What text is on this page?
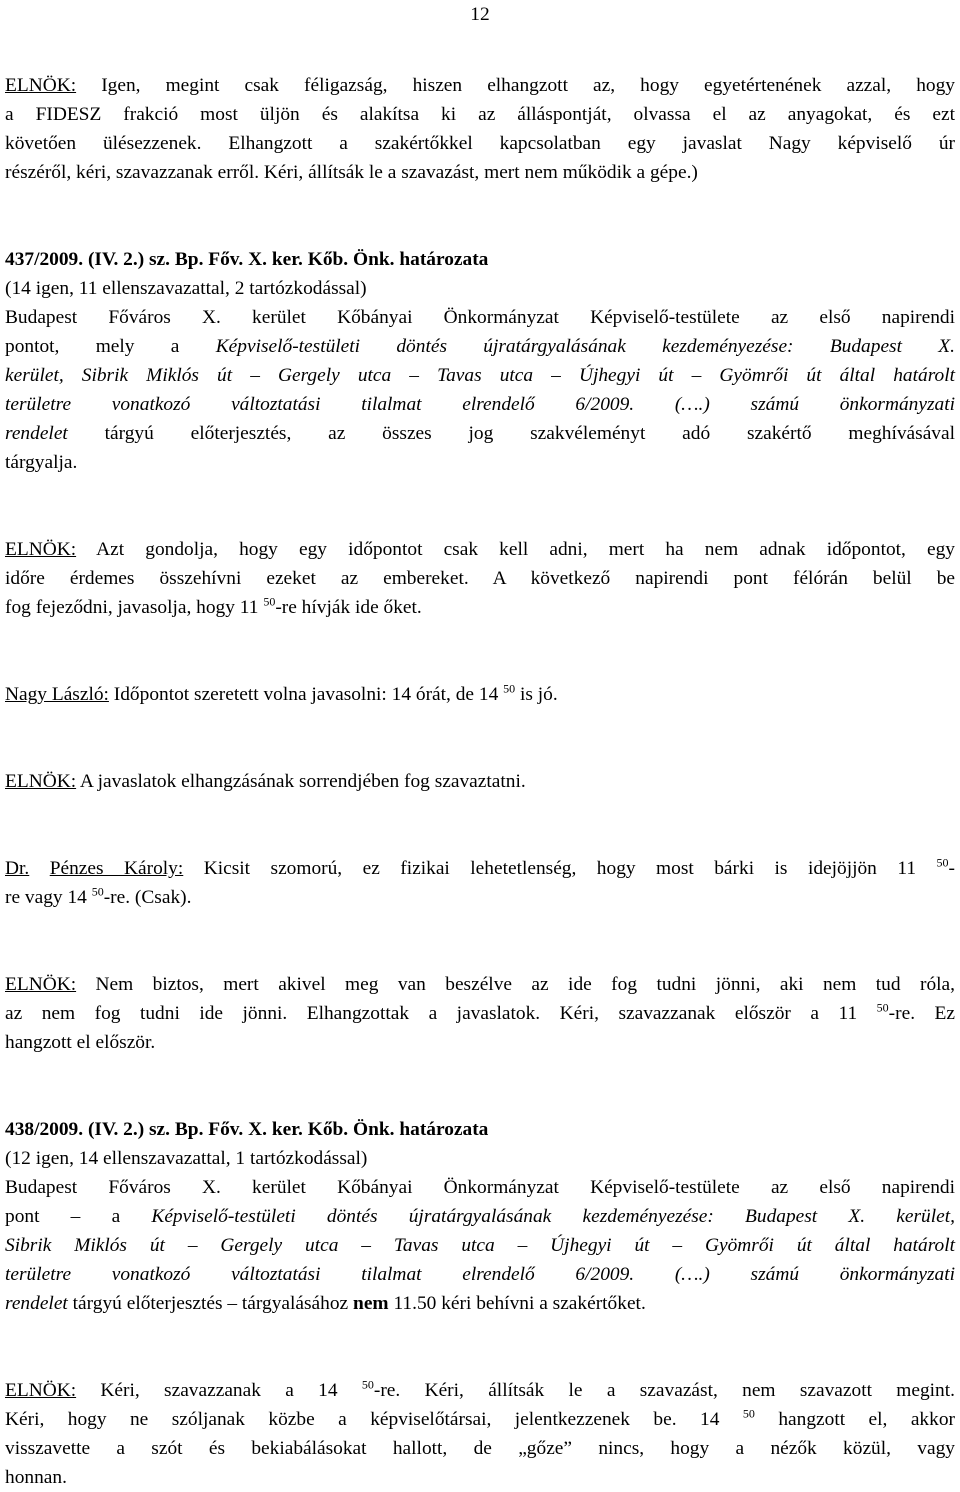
12

ELNÖK: Igen, megint csak féligazság, hiszen elhangzott az, hogy egyetértenének azzal, hogy
a FIDESZ frakció most üljön és alakítsa ki az álláspontját, olvassa el az anyagokat, és ezt
követően ülésezzenek. Elhangzott a szakértőkkel kapcsolatban egy javaslat Nagy képviselő úr
részéről, kéri, szavazzanak erről. Kéri, állítsák le a szavazást, mert nem működik a gépe.)

437/2009. (IV. 2.) sz. Bp. Főv. X. ker. Kőb. Önk. határozata
(14 igen, 11 ellenszavazattal, 2 tartózkodással)
Budapest Főváros X. kerület Kőbányai Önkormányzat Képviselő-testülete az első napirendi
pontot, mely a Képviselő-testületi döntés újratárgyalásának kezdeményezése: Budapest X.
kerület, Sibrik Miklós út – Gergely utca – Tavas utca – Újhegyi út – Gyömrői út által határolt
területre vonatkozó változtatási tilalmat elrendelő 6/2009. (….) számú önkormányzati
rendelet tárgyú előterjesztés, az összes jog szakvéleményt adó szakértő meghívásával
tárgyalja.

ELNÖK: Azt gondolja, hogy egy időpontot csak kell adni, mert ha nem adnak időpontot, egy
időre érdemes összehívni ezeket az embereket. A következő napirendi pont félórán belül be
fog fejeződni, javasolja, hogy 11 $^{50}$-re hívják ide őket.

Nagy László: Időpontot szeretett volna javasolni: 14 órát, de 14 $^{50}$ is jó.

ELNÖK: A javaslatok elhangzásának sorrendjében fog szavaztatni.

Dr. Pénzes Károly: Kicsit szomorú, ez fizikai lehetetlenség, hogy most bárki is idejöjjön 11 $^{50}$-
re vagy 14 $^{50}$-re. (Csak).

ELNÖK: Nem biztos, mert akivel meg van beszélve az ide fog tudni jönni, aki nem tud róla,
az nem fog tudni ide jönni. Elhangzottak a javaslatok. Kéri, szavazzanak először a 11 $^{50}$-re. Ez
hangzott el először.

438/2009. (IV. 2.) sz. Bp. Főv. X. ker. Kőb. Önk. határozata
(12 igen, 14 ellenszavazattal, 1 tartózkodással)
Budapest Főváros X. kerület Kőbányai Önkormányzat Képviselő-testülete az első napirendi
pont – a Képviselő-testületi döntés újratárgyalásának kezdeményezése: Budapest X. kerület,
Sibrik Miklós út – Gergely utca – Tavas utca – Újhegyi út – Gyömrői út által határolt
területre vonatkozó változtatási tilalmat elrendelő 6/2009. (….) számú önkormányzati
rendelet tárgyú előterjesztés – tárgyalásához nem 11.50 kéri behívni a szakértőket.

ELNÖK: Kéri, szavazzanak a 14 $^{50}$-re. Kéri, állítsák le a szavazást, nem szavazott megint.
Kéri, hogy ne szóljanak közbe a képviselőtársai, jelentkezzenek be. 14 $^{50}$ hangzott el, akkor
visszavette a szót és bekiabálásokat hallott, de „gőze” nincs, hogy a nézők közül, vagy
honnan.
